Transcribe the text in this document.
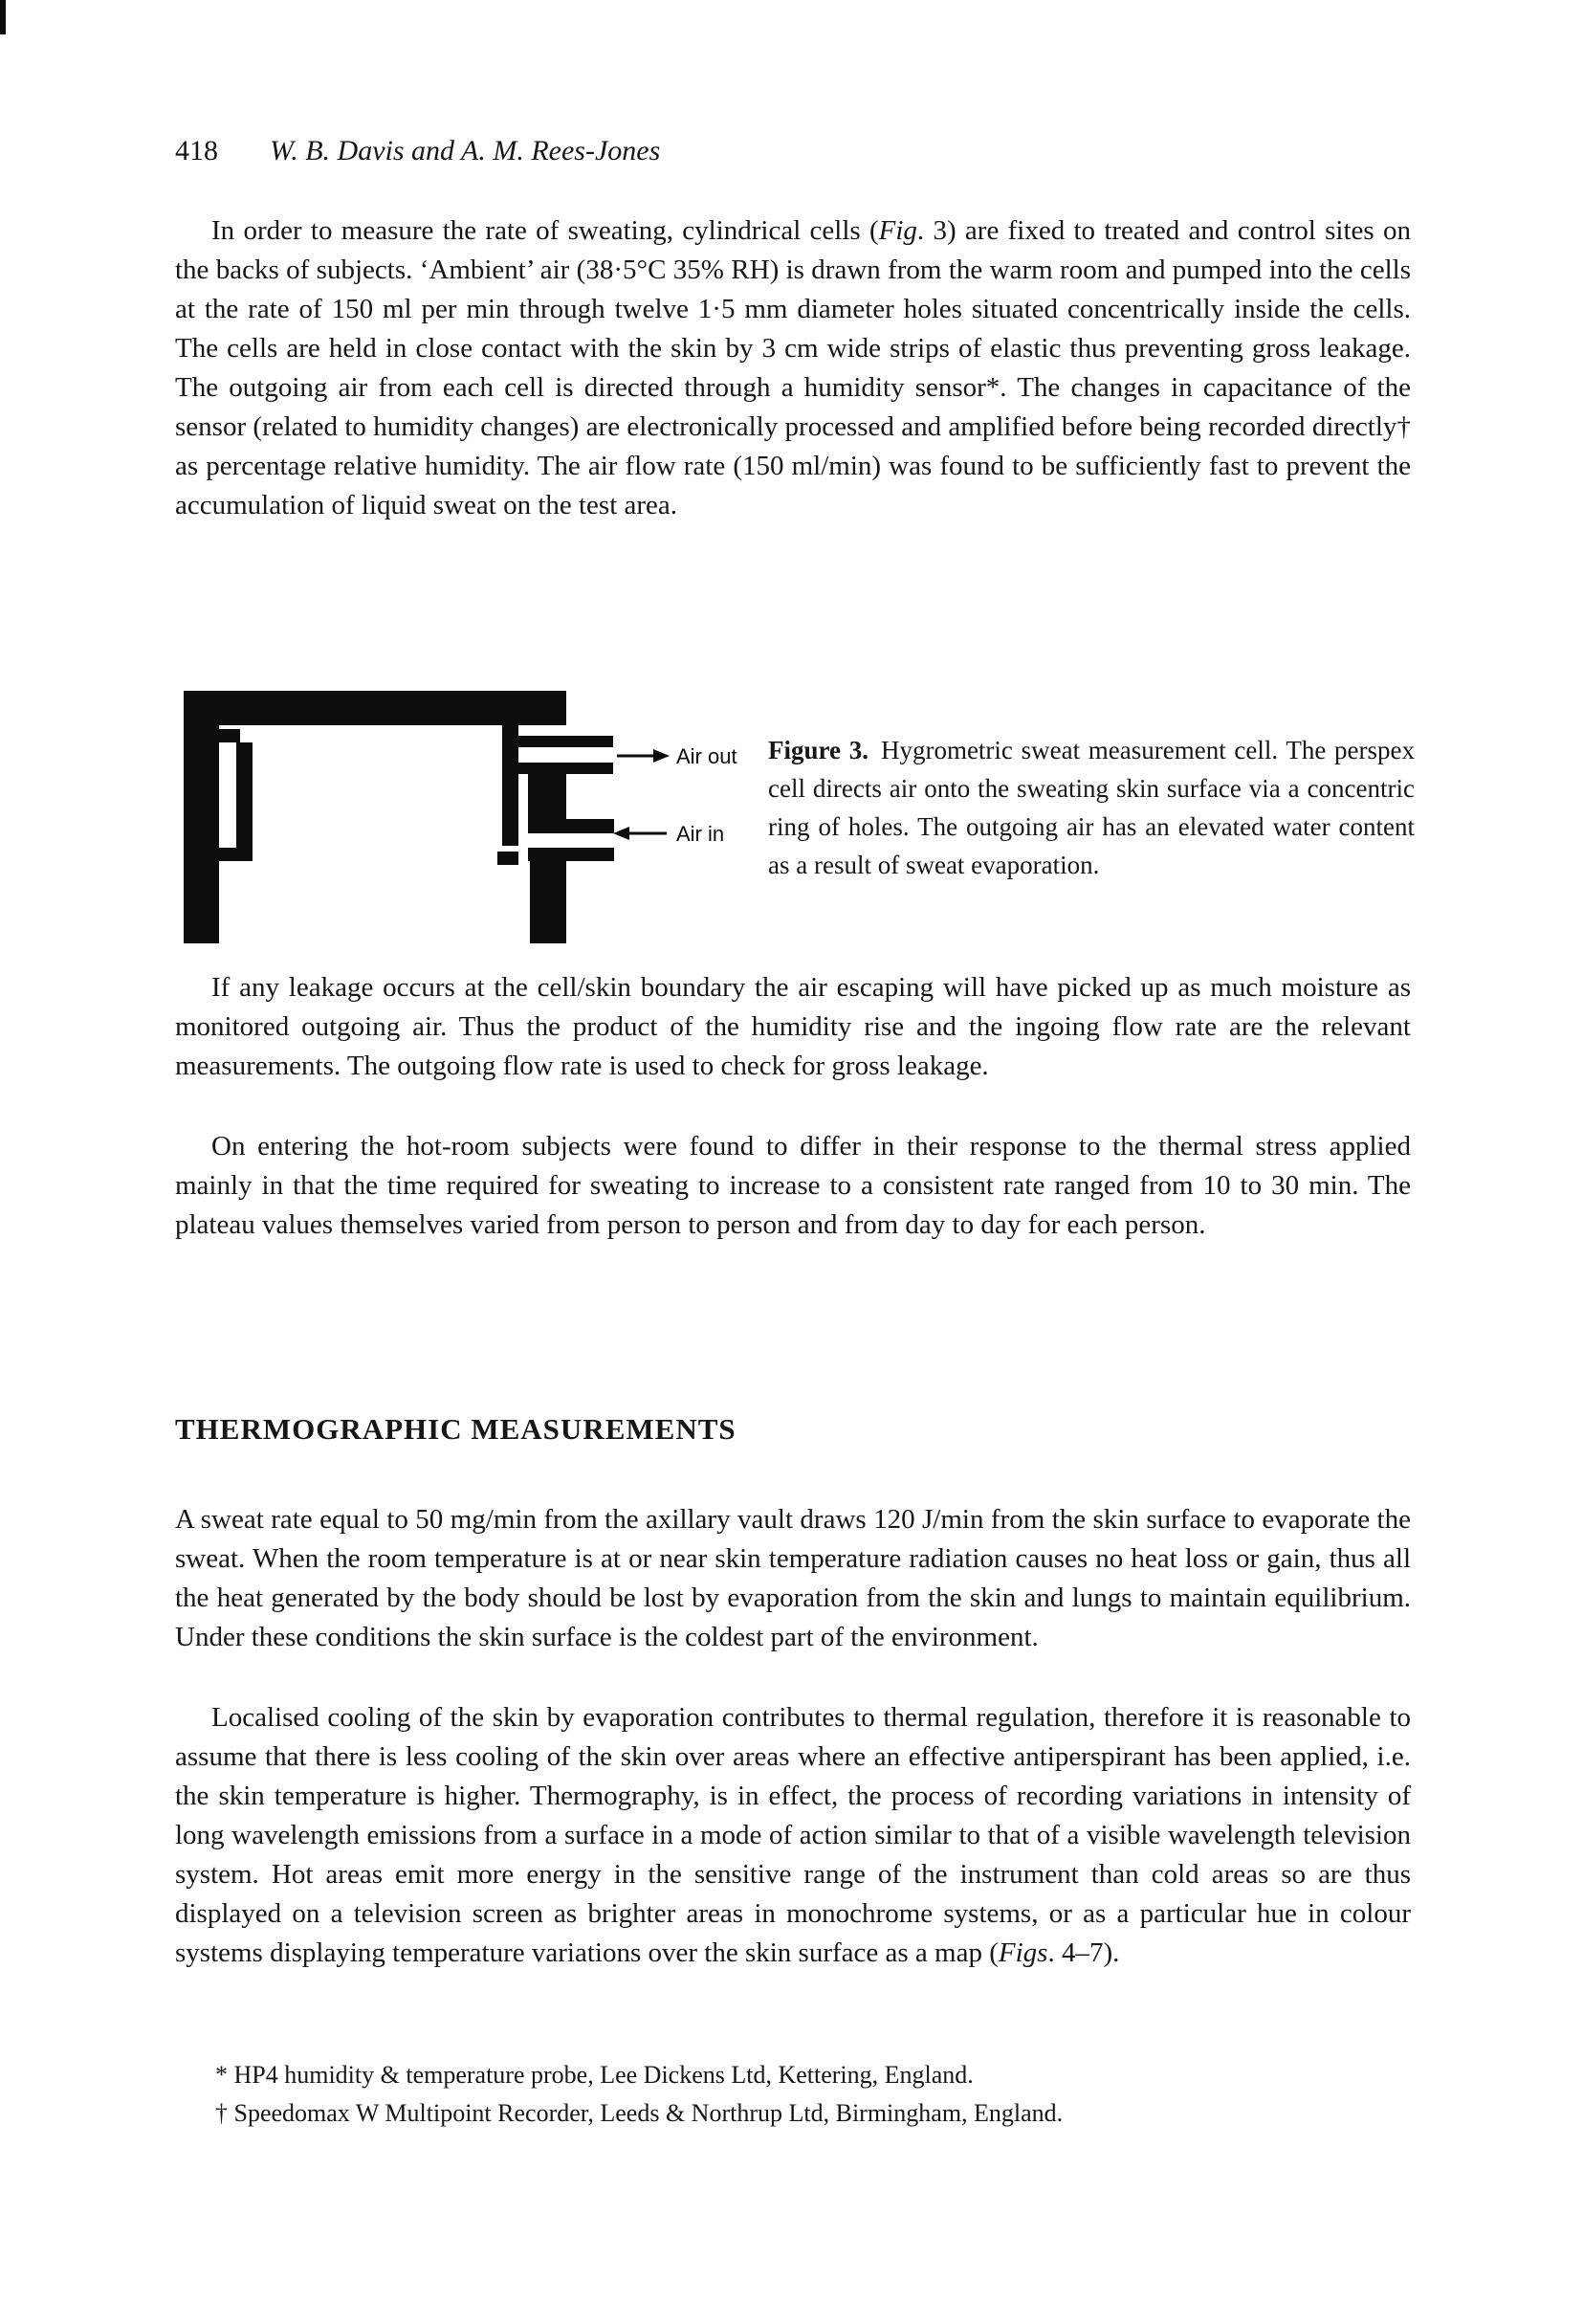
418 W. B. Davis and A. M. Rees-Jones

In order to measure the rate of sweating, cylindrical cells (Fig. 3) are fixed to treated and control sites on the backs of subjects. ‘Ambient’ air (38·5°C 35% RH) is drawn from the warm room and pumped into the cells at the rate of 150 ml per min through twelve 1·5 mm diameter holes situated concentrically inside the cells. The cells are held in close contact with the skin by 3 cm wide strips of elastic thus preventing gross leakage. The outgoing air from each cell is directed through a humidity sensor*. The changes in capacitance of the sensor (related to humidity changes) are electronically processed and amplified before being recorded directly† as percentage relative humidity. The air flow rate (150 ml/min) was found to be sufficiently fast to prevent the accumulation of liquid sweat on the test area.

Air out
Air in

Figure 3. Hygrometric sweat measurement cell. The perspex cell directs air onto the sweating skin surface via a concentric ring of holes. The outgoing air has an elevated water content as a result of sweat evaporation.

If any leakage occurs at the cell/skin boundary the air escaping will have picked up as much moisture as monitored outgoing air. Thus the product of the humidity rise and the ingoing flow rate are the relevant measurements. The outgoing flow rate is used to check for gross leakage.

On entering the hot-room subjects were found to differ in their response to the thermal stress applied mainly in that the time required for sweating to increase to a consistent rate ranged from 10 to 30 min. The plateau values themselves varied from person to person and from day to day for each person.

THERMOGRAPHIC MEASUREMENTS

A sweat rate equal to 50 mg/min from the axillary vault draws 120 J/min from the skin surface to evaporate the sweat. When the room temperature is at or near skin temperature radiation causes no heat loss or gain, thus all the heat generated by the body should be lost by evaporation from the skin and lungs to maintain equilibrium. Under these conditions the skin surface is the coldest part of the environment.

Localised cooling of the skin by evaporation contributes to thermal regulation, therefore it is reasonable to assume that there is less cooling of the skin over areas where an effective antiperspirant has been applied, i.e. the skin temperature is higher. Thermography, is in effect, the process of recording variations in intensity of long wavelength emissions from a surface in a mode of action similar to that of a visible wavelength television system. Hot areas emit more energy in the sensitive range of the instrument than cold areas so are thus displayed on a television screen as brighter areas in monochrome systems, or as a particular hue in colour systems displaying temperature variations over the skin surface as a map (Figs. 4–7).

* HP4 humidity & temperature probe, Lee Dickens Ltd, Kettering, England.

† Speedomax W Multipoint Recorder, Leeds & Northrup Ltd, Birmingham, England.
